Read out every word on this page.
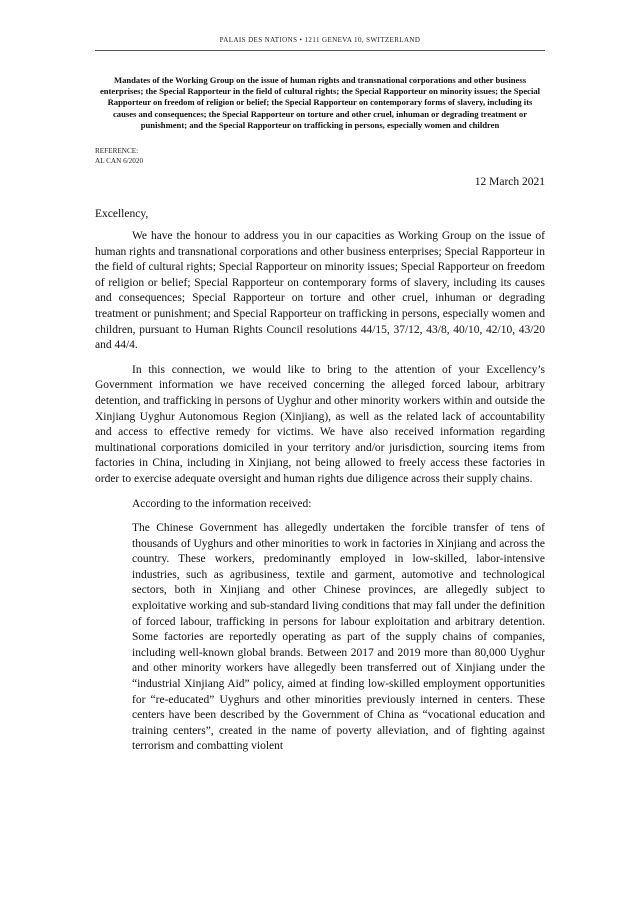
PALAIS DES NATIONS • 1211 GENEVA 10, SWITZERLAND
Mandates of the Working Group on the issue of human rights and transnational corporations and other business enterprises; the Special Rapporteur in the field of cultural rights; the Special Rapporteur on minority issues; the Special Rapporteur on freedom of religion or belief; the Special Rapporteur on contemporary forms of slavery, including its causes and consequences; the Special Rapporteur on torture and other cruel, inhuman or degrading treatment or punishment; and the Special Rapporteur on trafficking in persons, especially women and children
REFERENCE:
AL CAN 6/2020
12 March 2021
Excellency,
We have the honour to address you in our capacities as Working Group on the issue of human rights and transnational corporations and other business enterprises; Special Rapporteur in the field of cultural rights; Special Rapporteur on minority issues; Special Rapporteur on freedom of religion or belief; Special Rapporteur on contemporary forms of slavery, including its causes and consequences; Special Rapporteur on torture and other cruel, inhuman or degrading treatment or punishment; and Special Rapporteur on trafficking in persons, especially women and children, pursuant to Human Rights Council resolutions 44/15, 37/12, 43/8, 40/10, 42/10, 43/20 and 44/4.
In this connection, we would like to bring to the attention of your Excellency’s Government information we have received concerning the alleged forced labour, arbitrary detention, and trafficking in persons of Uyghur and other minority workers within and outside the Xinjiang Uyghur Autonomous Region (Xinjiang), as well as the related lack of accountability and access to effective remedy for victims. We have also received information regarding multinational corporations domiciled in your territory and/or jurisdiction, sourcing items from factories in China, including in Xinjiang, not being allowed to freely access these factories in order to exercise adequate oversight and human rights due diligence across their supply chains.
According to the information received:
The Chinese Government has allegedly undertaken the forcible transfer of tens of thousands of Uyghurs and other minorities to work in factories in Xinjiang and across the country. These workers, predominantly employed in low-skilled, labor-intensive industries, such as agribusiness, textile and garment, automotive and technological sectors, both in Xinjiang and other Chinese provinces, are allegedly subject to exploitative working and sub-standard living conditions that may fall under the definition of forced labour, trafficking in persons for labour exploitation and arbitrary detention. Some factories are reportedly operating as part of the supply chains of companies, including well-known global brands. Between 2017 and 2019 more than 80,000 Uyghur and other minority workers have allegedly been transferred out of Xinjiang under the “industrial Xinjiang Aid” policy, aimed at finding low-skilled employment opportunities for “re-educated” Uyghurs and other minorities previously interned in centers. These centers have been described by the Government of China as “vocational education and training centers”, created in the name of poverty alleviation, and of fighting against terrorism and combatting violent
